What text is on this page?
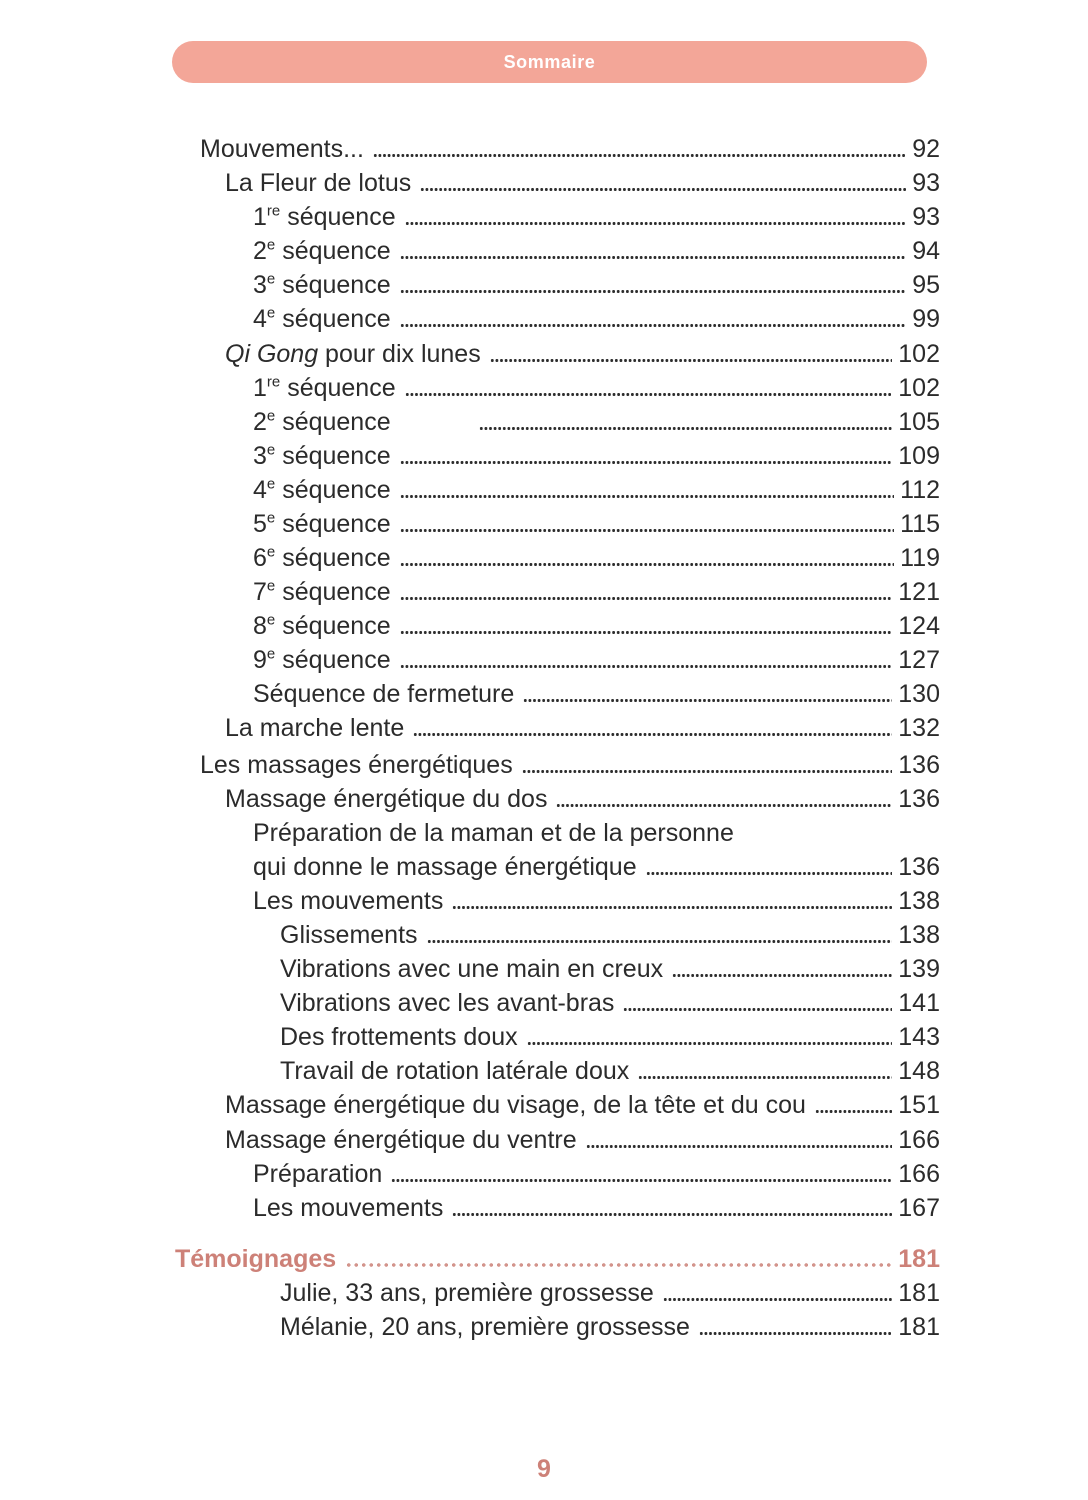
Sommaire
Mouvements...	92
La Fleur de lotus	93
1re séquence	93
2e séquence	94
3e séquence	95
4e séquence	99
Qi Gong pour dix lunes	102
1re séquence	102
2e séquence	105
3e séquence	109
4e séquence	112
5e séquence	115
6e séquence	119
7e séquence	121
8e séquence	124
9e séquence	127
Séquence de fermeture	130
La marche lente	132
Les massages énergétiques	136
Massage énergétique du dos	136
Préparation de la maman et de la personne
qui donne le massage énergétique	136
Les mouvements	138
Glissements	138
Vibrations avec une main en creux	139
Vibrations avec les avant-bras	141
Des frottements doux	143
Travail de rotation latérale doux	148
Massage énergétique du visage, de la tête et du cou	151
Massage énergétique du ventre	166
Préparation	166
Les mouvements	167
Témoignages	181
Julie, 33 ans, première grossesse	181
Mélanie, 20 ans, première grossesse	181
9
